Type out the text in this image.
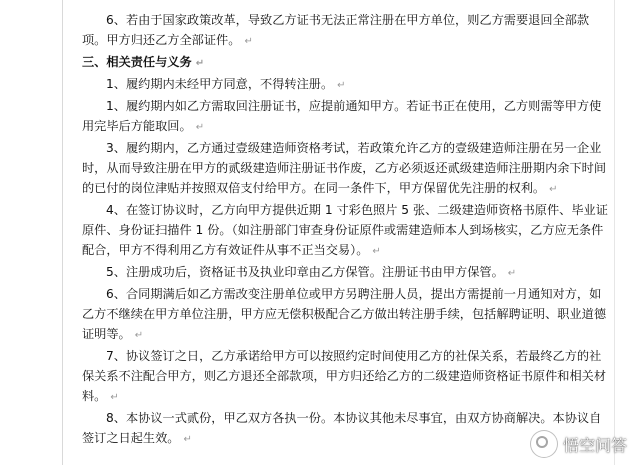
6、若由于国家政策改革，导致乙方证书无法正常注册在甲方单位，则乙方需要退回全部款项。甲方归还乙方全部证件。 ↵

三、相关责任与义务 ↵

1、履约期内未经甲方同意，不得转注册。 ↵

1、履约期内如乙方需取回注册证书，应提前通知甲方。若证书正在使用，乙方则需等甲方使用完毕后方能取回。 ↵

3、履约期内，乙方通过壹级建造师资格考试，若政策允许乙方的壹级建造师注册在另一企业时，从而导致注册在甲方的贰级建造师注册证书作废，乙方必须返还贰级建造师注册期内余下时间的已付的岗位津贴并按照双倍支付给甲方。在同一条件下，甲方保留优先注册的权利。 ↵

4、在签订协议时，乙方向甲方提供近期 1 寸彩色照片 5 张、二级建造师资格书原件、毕业证原件、身份证扫描件 1 份。（如注册部门审查身份证原件或需建造师本人到场核实，乙方应无条件配合，甲方不得利用乙方有效证件从事不正当交易）。 ↵

5、注册成功后，资格证书及执业印章由乙方保管。注册证书由甲方保管。 ↵

6、合同期满后如乙方需改变注册单位或甲方另聘注册人员，提出方需提前一月通知对方，如乙方不继续在甲方单位注册，甲方应无偿积极配合乙方做出转注册手续，包括解聘证明、职业道德证明等。 ↵

7、协议签订之日，乙方承诺给甲方可以按照约定时间使用乙方的社保关系，若最终乙方的社保关系不注配合甲方，则乙方退还全部款项，甲方归还给乙方的二级建造师资格证书原件和相关材料。 ↵

8、本协议一式贰份，甲乙双方各执一份。本协议其他未尽事宜，由双方协商解决。本协议自签订之日起生效。 ↵	悟空问答
